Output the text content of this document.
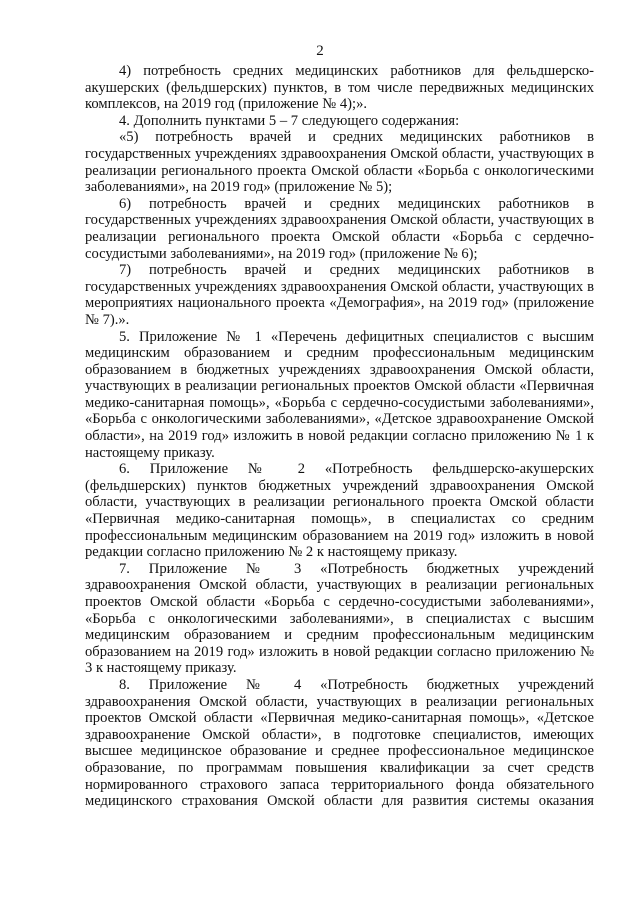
2

4) потребность средних медицинских работников для фельдшерско-акушерских (фельдшерских) пунктов, в том числе передвижных медицинских комплексов, на 2019 год (приложение № 4);».

4. Дополнить пунктами 5 – 7 следующего содержания:

«5) потребность врачей и средних медицинских работников в государственных учреждениях здравоохранения Омской области, участвующих в реализации регионального проекта Омской области «Борьба с онкологическими заболеваниями», на 2019 год» (приложение № 5);

6) потребность врачей и средних медицинских работников в государственных учреждениях здравоохранения Омской области, участвующих в реализации регионального проекта Омской области «Борьба с сердечно-сосудистыми заболеваниями», на 2019 год» (приложение № 6);

7) потребность врачей и средних медицинских работников в государственных учреждениях здравоохранения Омской области, участвующих в мероприятиях национального проекта «Демография», на 2019 год» (приложение № 7).».

5. Приложение № 1 «Перечень дефицитных специалистов с высшим медицинским образованием и средним профессиональным медицинским образованием в бюджетных учреждениях здравоохранения Омской области, участвующих в реализации региональных проектов Омской области «Первичная медико-санитарная помощь», «Борьба с сердечно-сосудистыми заболеваниями», «Борьба с онкологическими заболеваниями», «Детское здравоохранение Омской области», на 2019 год» изложить в новой редакции согласно приложению № 1 к настоящему приказу.

6. Приложение № 2 «Потребность фельдшерско-акушерских (фельдшерских) пунктов бюджетных учреждений здравоохранения Омской области, участвующих в реализации регионального проекта Омской области «Первичная медико-санитарная помощь», в специалистах со средним профессиональным медицинским образованием на 2019 год» изложить в новой редакции согласно приложению № 2 к настоящему приказу.

7. Приложение № 3 «Потребность бюджетных учреждений здравоохранения Омской области, участвующих в реализации региональных проектов Омской области «Борьба с сердечно-сосудистыми заболеваниями», «Борьба с онкологическими заболеваниями», в специалистах с высшим медицинским образованием и средним профессиональным медицинским образованием на 2019 год» изложить в новой редакции согласно приложению № 3 к настоящему приказу.

8. Приложение № 4 «Потребность бюджетных учреждений здравоохранения Омской области, участвующих в реализации региональных проектов Омской области «Первичная медико-санитарная помощь», «Детское здравоохранение Омской области», в подготовке специалистов, имеющих высшее медицинское образование и среднее профессиональное медицинское образование, по программам повышения квалификации за счет средств нормированного страхового запаса территориального фонда обязательного медицинского страхования Омской области для развития системы оказания
